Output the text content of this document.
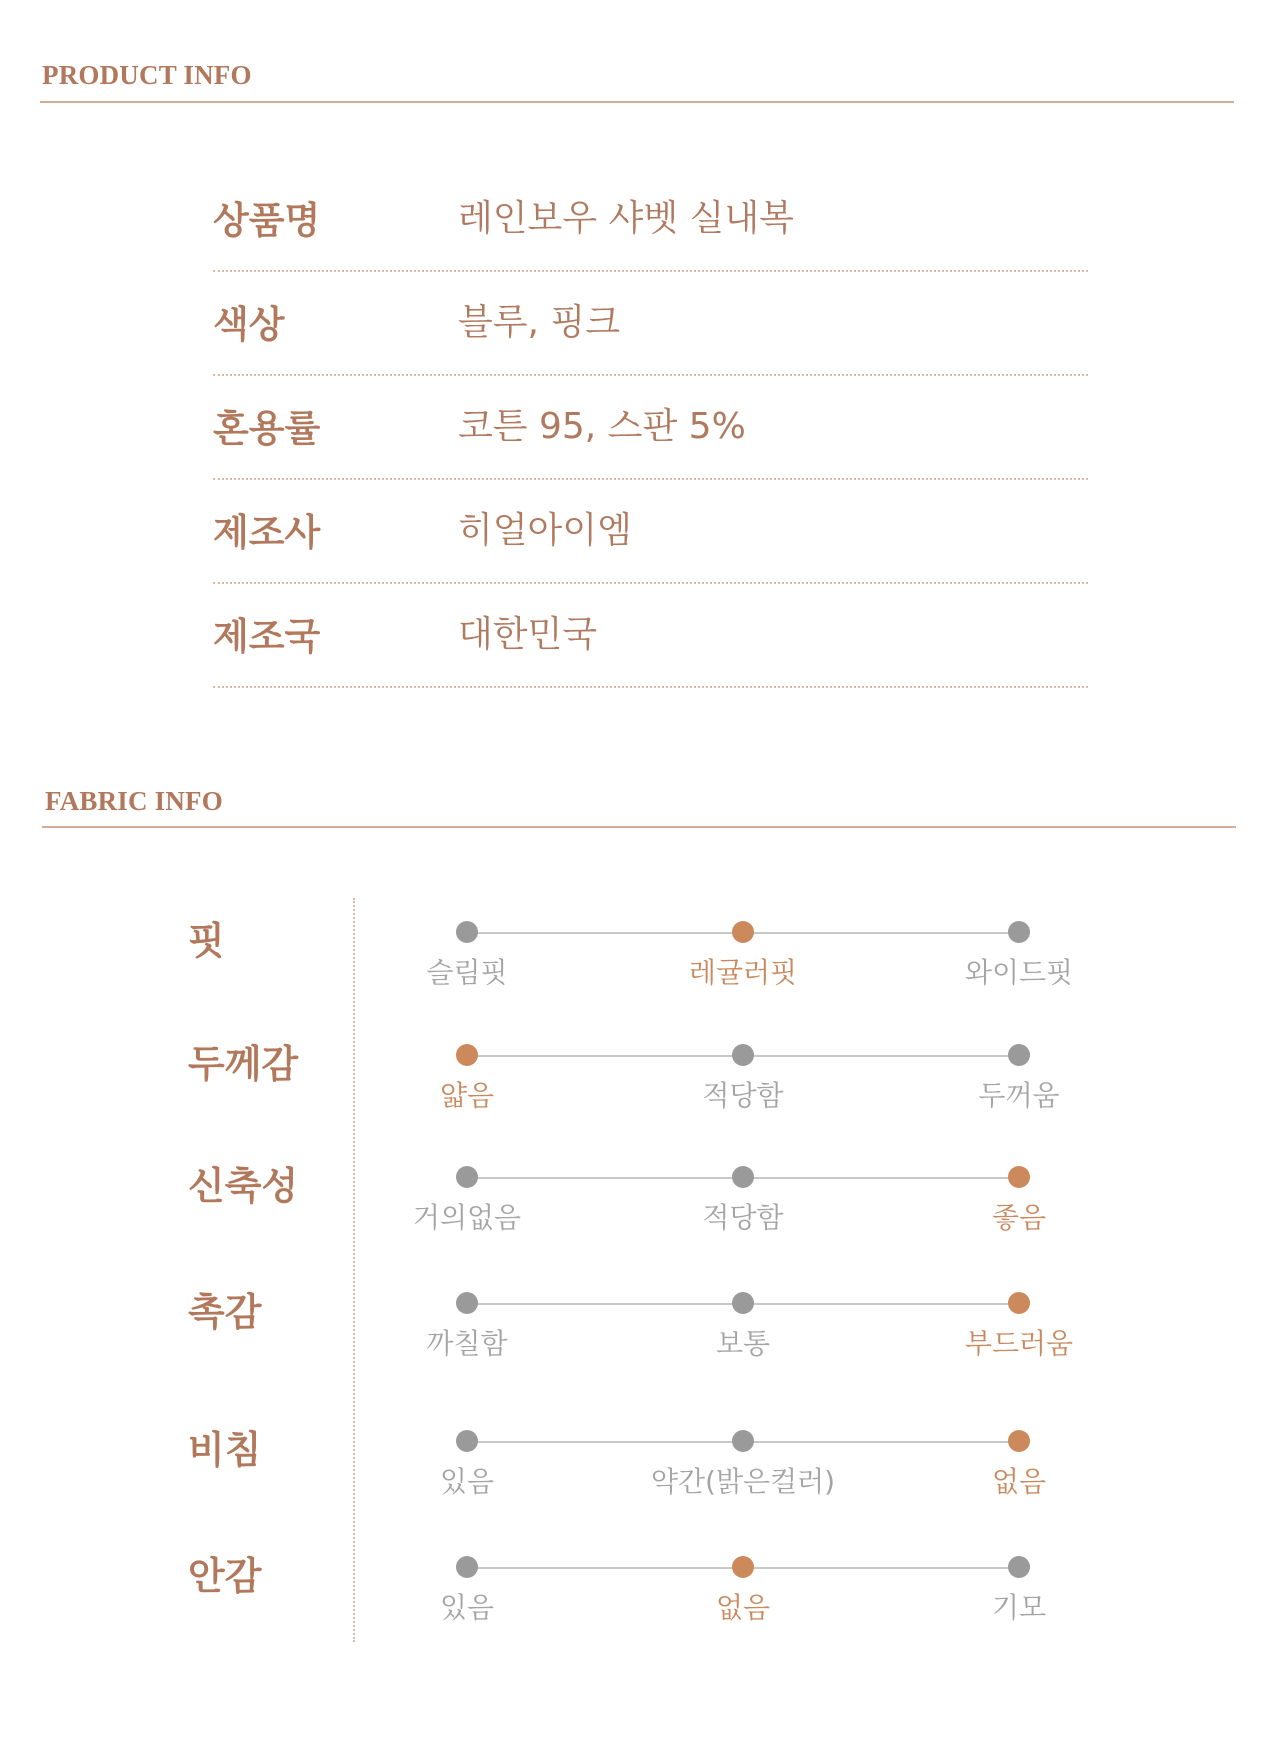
PRODUCT INFO
상품명	레인보우 샤벳 실내복
색상	블루, 핑크
혼용률	코튼 95, 스판 5%
제조사	히얼아이엠
제조국	대한민국
FABRIC INFO
핏
슬림핏	레귤러핏	와이드핏
두께감
얇음	적당함	두꺼움
신축성
거의없음	적당함	좋음
촉감
까칠함	보통	부드러움
비침
있음	약간(밝은컬러)	없음
안감
있음	없음	기모
